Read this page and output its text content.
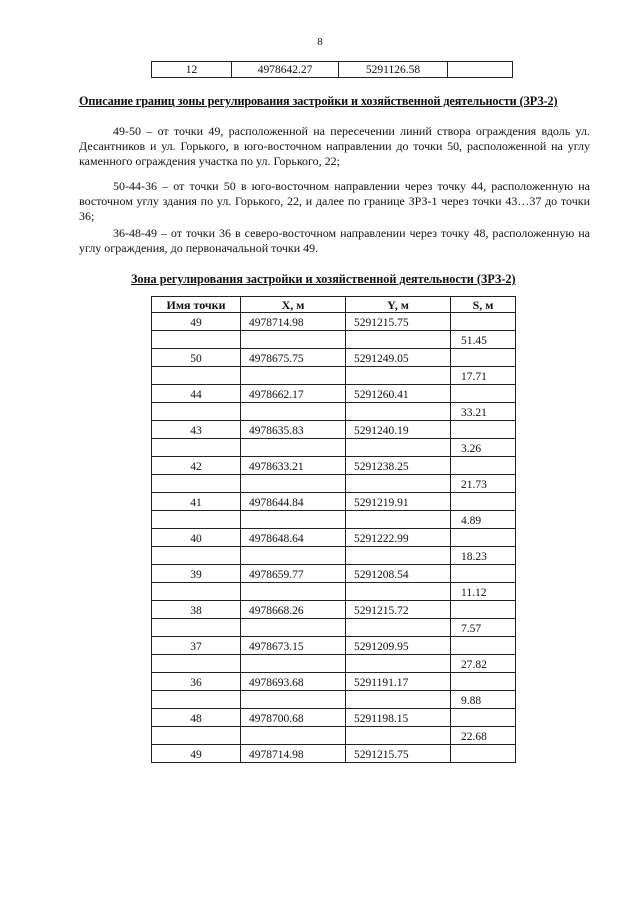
8
12	4978642.27	5291126.58	
Описание границ зоны регулирования застройки и хозяйственной деятельности (ЗРЗ-2)

49-50 – от точки 49, расположенной на пересечении линий створа ограждения вдоль ул. Десантников и ул. Горького, в юго-восточном направлении до точки 50, расположенной на углу каменного ограждения участка по ул. Горького, 22;

50-44-36 – от точки 50 в юго-восточном направлении через точку 44, расположенную на восточном углу здания по ул. Горького, 22, и далее по границе ЗРЗ-1 через точки 43…37 до точки 36;

36-48-49 – от точки 36 в северо-восточном направлении через точку 48, расположенную на углу ограждения, до первоначальной точки 49.

Зона регулирования застройки и хозяйственной деятельности (ЗРЗ-2)
Имя точки	X, м	Y, м	S, м
49	4978714.98	5291215.75	
			51.45
50	4978675.75	5291249.05	
			17.71
44	4978662.17	5291260.41	
			33.21
43	4978635.83	5291240.19	
			3.26
42	4978633.21	5291238.25	
			21.73
41	4978644.84	5291219.91	
			4.89
40	4978648.64	5291222.99	
			18.23
39	4978659.77	5291208.54	
			11.12
38	4978668.26	5291215.72	
			7.57
37	4978673.15	5291209.95	
			27.82
36	4978693.68	5291191.17	
			9.88
48	4978700.68	5291198.15	
			22.68
49	4978714.98	5291215.75	
